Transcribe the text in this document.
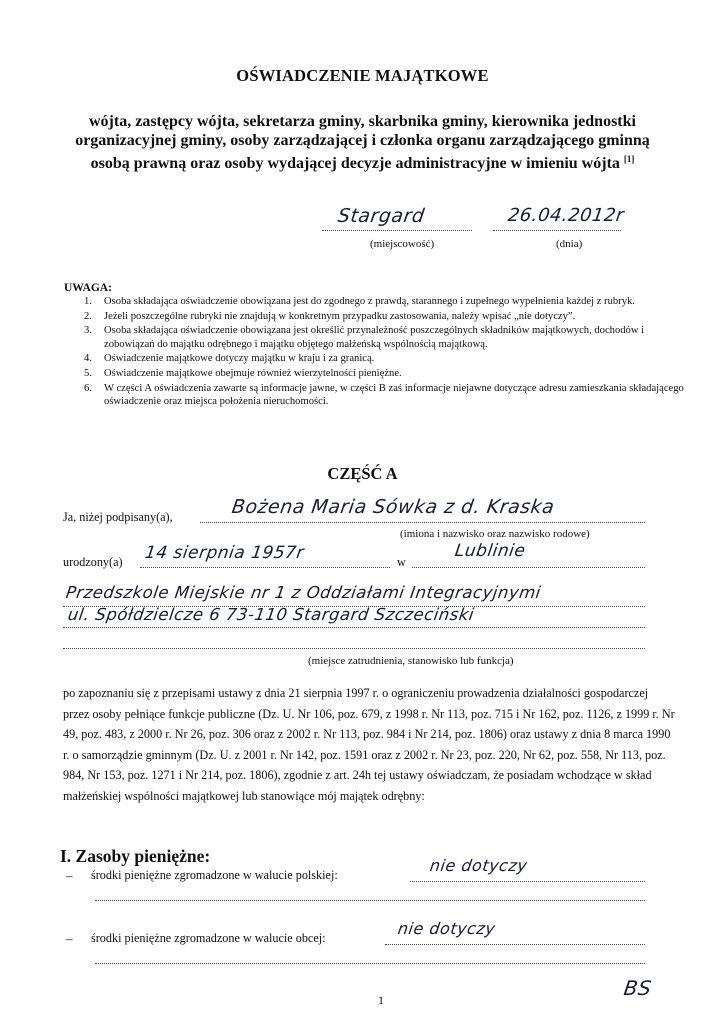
OŚWIADCZENIE MAJĄTKOWE
wójta, zastępcy wójta, sekretarza gminy, skarbnika gminy, kierownika jednostki organizacyjnej gminy, osoby zarządzającej i członka organu zarządzającego gminną osobą prawną oraz osoby wydającej decyzje administracyjne w imieniu wójta [1]
Stargard
(miejscowość)
26.04.2012r
(dnia)
UWAGA:
1.	Osoba składająca oświadczenie obowiązana jest do zgodnego z prawdą, starannego i zupełnego wypełnienia każdej z rubryk.
2.	Jeżeli poszczególne rubryki nie znajdują w konkretnym przypadku zastosowania, należy wpisać „nie dotyczy”.
3.	Osoba składająca oświadczenie obowiązana jest określić przynależność poszczególnych składników majątkowych, dochodów i zobowiązań do majątku odrębnego i majątku objętego małżeńską wspólnością majątkową.
4.	Oświadczenie majątkowe dotyczy majątku w kraju i za granicą.
5.	Oświadczenie majątkowe obejmuje również wierzytelności pieniężne.
6.	W części A oświadczenia zawarte są informacje jawne, w części B zaś informacje niejawne dotyczące adresu zamieszkania składającego oświadczenie oraz miejsca położenia nieruchomości.
CZĘŚĆ A
Ja, niżej podpisany(a),	Bożena Maria Sówka z d. Kraska
(imiona i nazwisko oraz nazwisko rodowe)
urodzony(a) 14 sierpnia 1957r	w
Lublinie
Przedszkole Miejskie nr 1 z Oddziałami Integracyjnymi
ul. Spółdzielcze 6 73-110 Stargard Szczeciński
(miejsce zatrudnienia, stanowisko lub funkcja)

po zapoznaniu się z przepisami ustawy z dnia 21 sierpnia 1997 r. o ograniczeniu prowadzenia działalności gospodarczej przez osoby pełniące funkcje publiczne (Dz. U. Nr 106, poz. 679, z 1998 r. Nr 113, poz. 715 i Nr 162, poz. 1126, z 1999 r. Nr 49, poz. 483, z 2000 r. Nr 26, poz. 306 oraz z 2002 r. Nr 113, poz. 984 i Nr 214, poz. 1806) oraz ustawy z dnia 8 marca 1990 r. o samorządzie gminnym (Dz. U. z 2001 r. Nr 142, poz. 1591 oraz z 2002 r. Nr 23, poz. 220, Nr 62, poz. 558, Nr 113, poz. 984, Nr 153, poz. 1271 i Nr 214, poz. 1806), zgodnie z art. 24h tej ustawy oświadczam, że posiadam wchodzące w skład małżeńskiej wspólności majątkowej lub stanowiące mój majątek odrębny:

I. Zasoby pieniężne:
– środki pieniężne zgromadzone w walucie polskiej:	nie dotyczy
– środki pieniężne zgromadzone w walucie obcej:	nie dotyczy
1	BS
